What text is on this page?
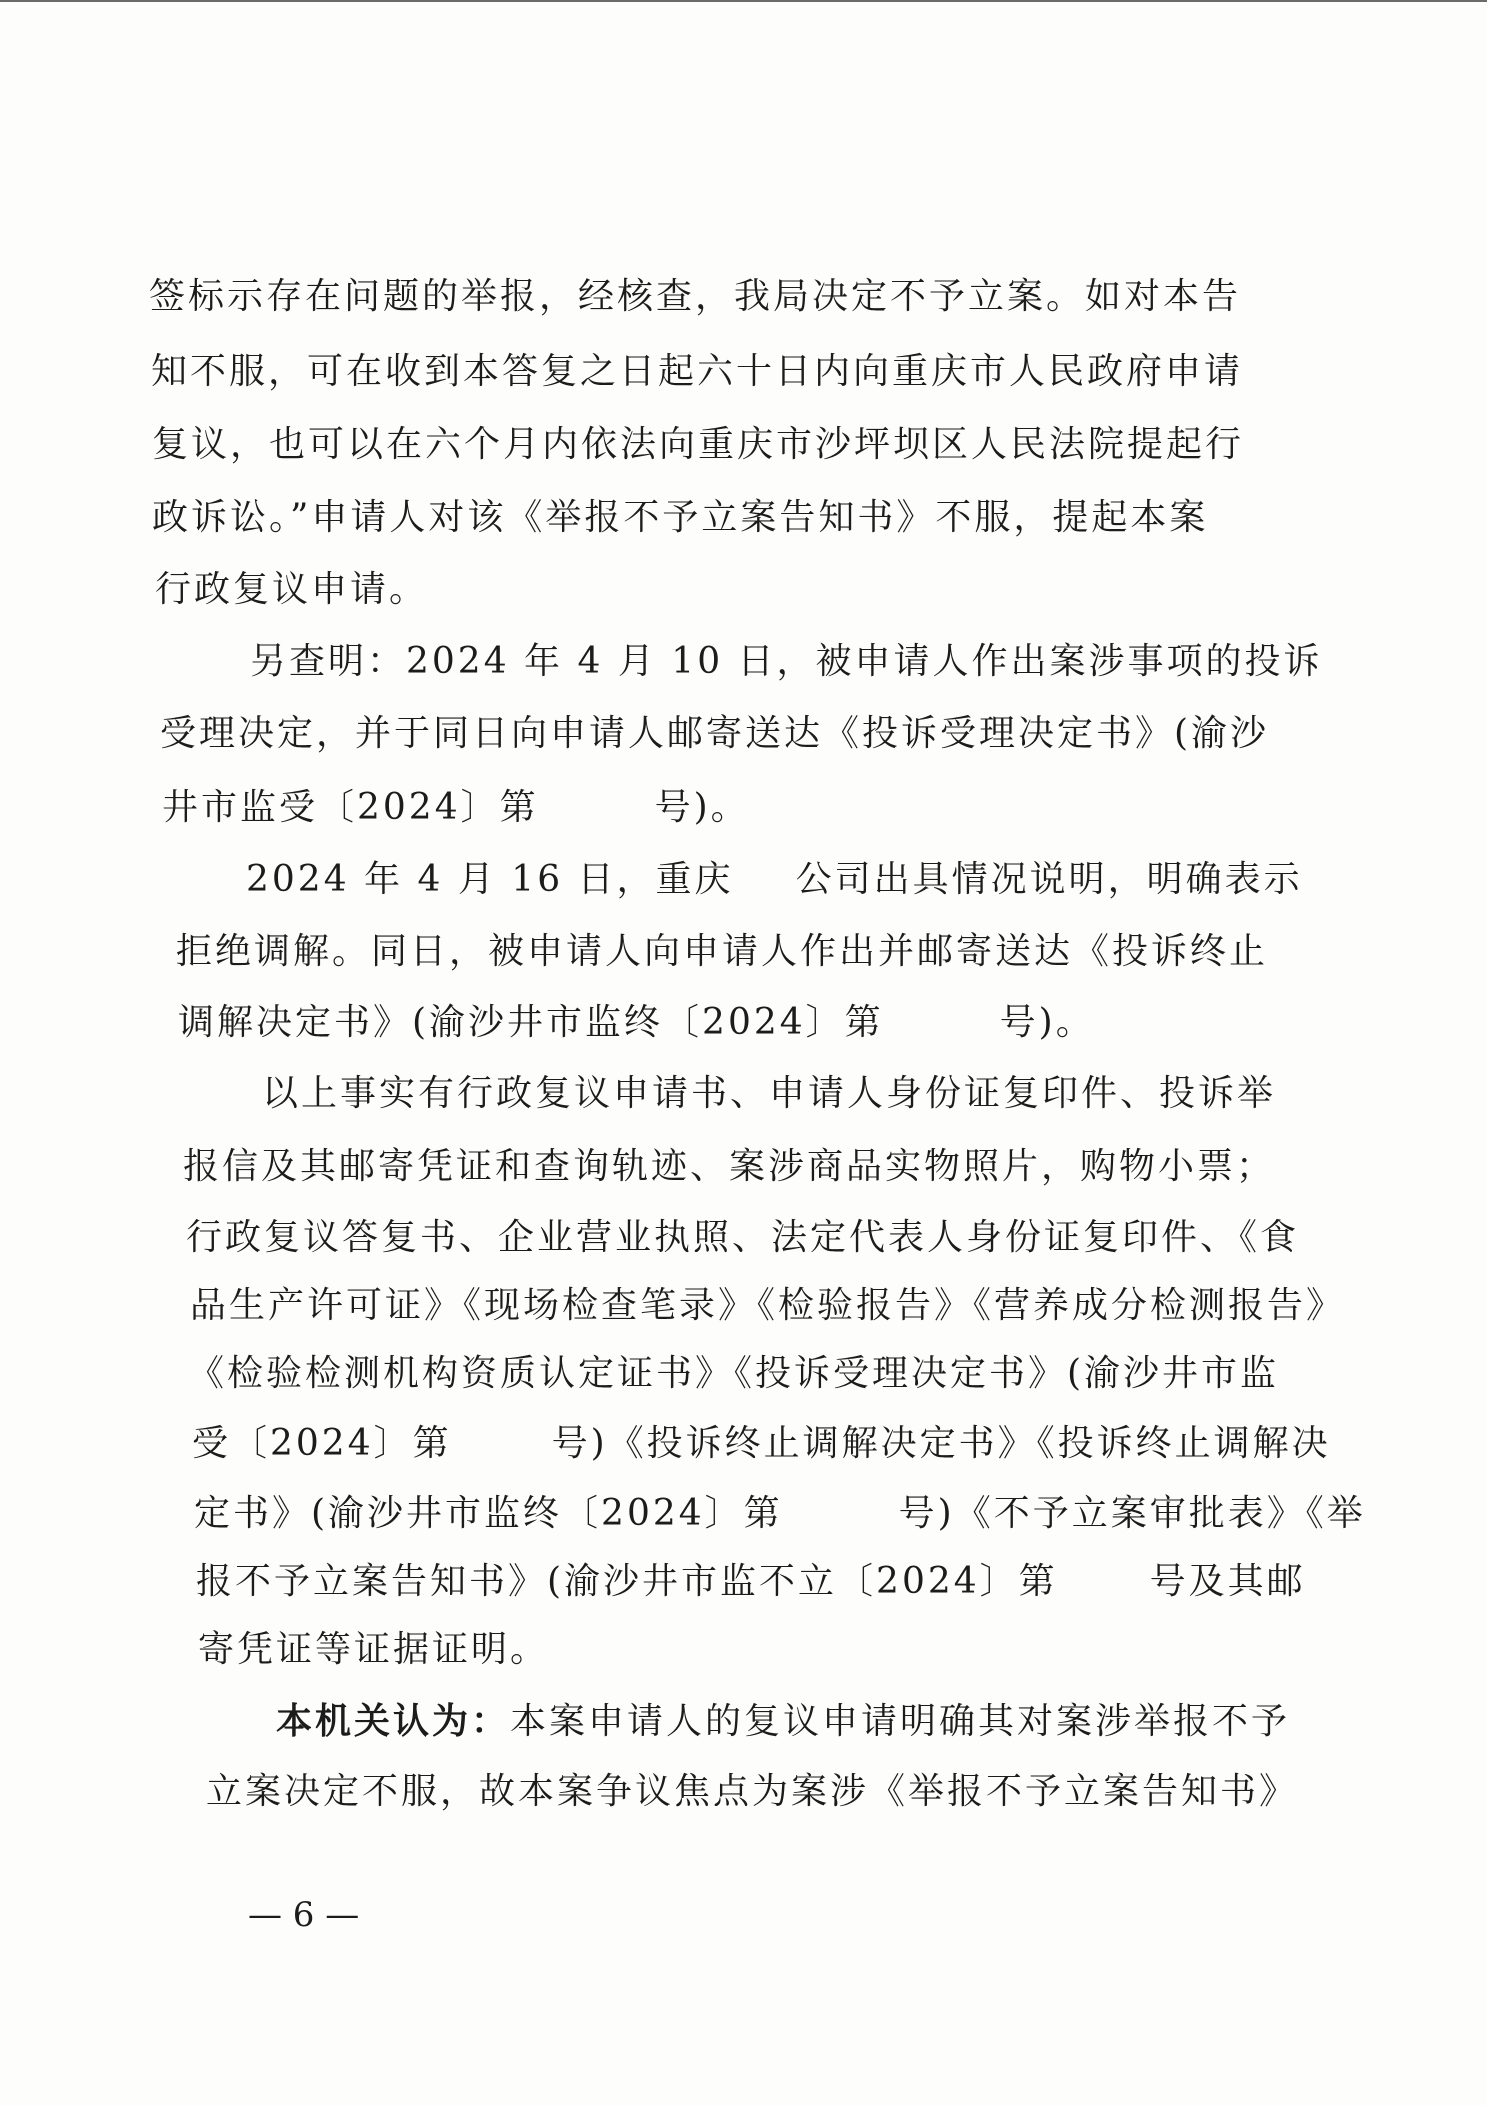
签标示存在问题的举报，经核查，我局决定不予立案。如对本告
知不服，可在收到本答复之日起六十日内向重庆市人民政府申请
复议，也可以在六个月内依法向重庆市沙坪坝区人民法院提起行
政诉讼。”申请人对该《举报不予立案告知书》不服，提起本案
行政复议申请。
另查明：2024 年 4 月 10 日，被申请人作出案涉事项的投诉
受理决定，并于同日向申请人邮寄送达《投诉受理决定书》(渝沙
井市监受〔2024〕第	号)。
2024 年 4 月 16 日，重庆 公司出具情况说明，明确表示
拒绝调解。同日，被申请人向申请人作出并邮寄送达《投诉终止
调解决定书》(渝沙井市监终〔2024〕第	号)。
以上事实有行政复议申请书、申请人身份证复印件、投诉举
报信及其邮寄凭证和查询轨迹、案涉商品实物照片，购物小票；
行政复议答复书、企业营业执照、法定代表人身份证复印件、《食
品生产许可证》《现场检查笔录》《检验报告》《营养成分检测报告》
《检验检测机构资质认定证书》《投诉受理决定书》(渝沙井市监
受〔2024〕第	号)《投诉终止调解决定书》《投诉终止调解决
定书》(渝沙井市监终〔2024〕第	号)《不予立案审批表》《举
报不予立案告知书》(渝沙井市监不立〔2024〕第	号及其邮
寄凭证等证据证明。
本机关认为：本案申请人的复议申请明确其对案涉举报不予
立案决定不服，故本案争议焦点为案涉《举报不予立案告知书》
— 6 —
